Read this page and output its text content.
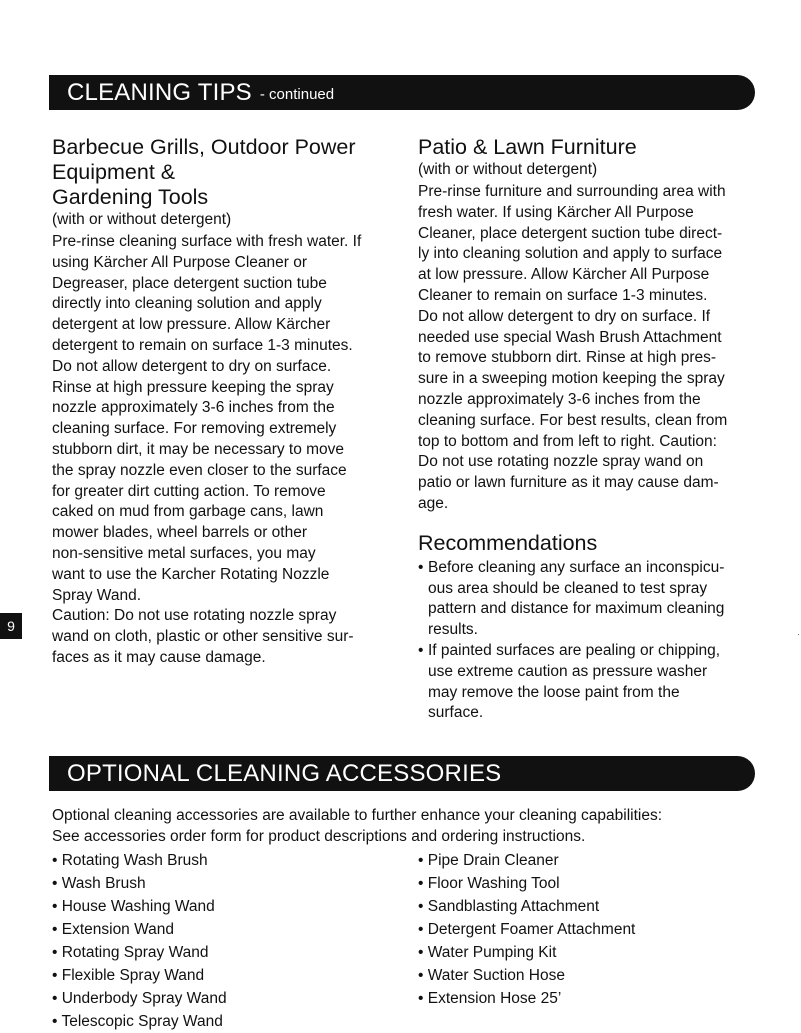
CLEANING TIPS - continued
Barbecue Grills, Outdoor Power
Equipment &
Gardening Tools
(with or without detergent)

Pre-rinse cleaning surface with fresh water. If
using Kärcher All Purpose Cleaner or
Degreaser, place detergent suction tube
directly into cleaning solution and apply
detergent at low pressure. Allow Kärcher
detergent to remain on surface 1-3 minutes.
Do not allow detergent to dry on surface.
Rinse at high pressure keeping the spray
nozzle approximately 3-6 inches from the
cleaning surface. For removing extremely
stubborn dirt, it may be necessary to move
the spray nozzle even closer to the surface
for greater dirt cutting action. To remove
caked on mud from garbage cans, lawn
mower blades, wheel barrels or other
non-sensitive metal surfaces, you may
want to use the Karcher Rotating Nozzle
Spray Wand.

Caution: Do not use rotating nozzle spray
wand on cloth, plastic or other sensitive sur-
faces as it may cause damage.

Patio & Lawn Furniture
(with or without detergent)

Pre-rinse furniture and surrounding area with
fresh water. If using Kärcher All Purpose
Cleaner, place detergent suction tube direct-
ly into cleaning solution and apply to surface
at low pressure. Allow Kärcher All Purpose
Cleaner to remain on surface 1-3 minutes.
Do not allow detergent to dry on surface. If
needed use special Wash Brush Attachment
to remove stubborn dirt. Rinse at high pres-
sure in a sweeping motion keeping the spray
nozzle approximately 3-6 inches from the
cleaning surface. For best results, clean from
top to bottom and from left to right. Caution:
Do not use rotating nozzle spray wand on
patio or lawn furniture as it may cause dam-
age.

Recommendations
• Before cleaning any surface an inconspicu-
ous area should be cleaned to test spray
pattern and distance for maximum cleaning
results.
• If painted surfaces are pealing or chipping,
use extreme caution as pressure washer
may remove the loose paint from the
surface.
9
OPTIONAL CLEANING ACCESSORIES
Optional cleaning accessories are available to further enhance your cleaning capabilities:
See accessories order form for product descriptions and ordering instructions.
• Rotating Wash Brush
• Wash Brush
• House Washing Wand
• Extension Wand
• Rotating Spray Wand
• Flexible Spray Wand
• Underbody Spray Wand
• Telescopic Spray Wand
• Pipe Drain Cleaner
• Floor Washing Tool
• Sandblasting Attachment
• Detergent Foamer Attachment
• Water Pumping Kit
• Water Suction Hose
• Extension Hose 25’
